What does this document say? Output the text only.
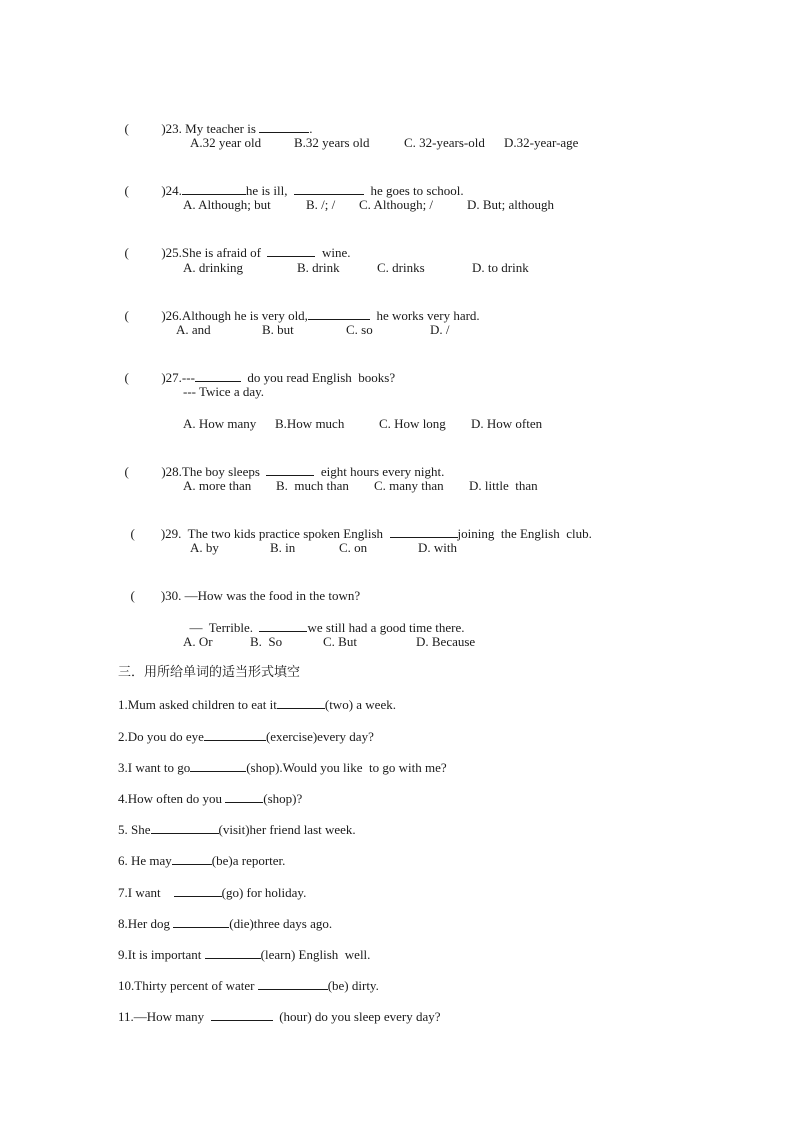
(          )23. My teacher is	.

A.32 year old	B.32 years old	C. 32-years-old D.32-year-age

(          )24.	he is ill,	he goes to school.

A. Although; but	B. /; / C. Although; /	D. But; although

(          )25.She is afraid of	wine.

A. drinking	B. drink	C. drinks	D. to drink

(          )26.Although he is very old,	he works very hard.

A. and	B. but	C. so	D. /

(          )27.---	do you read English  books?

--- Twice a day.
A. How many B.How much	C. How long D. How often

(          )28.The boy sleeps	eight hours every night.

A. more than B.  much than C. many than D. little  than

(        )29.  The two kids practice spoken English	joining  the English  club.

A. by	B. in	C. on	D. with

(        )30. —How was the food in the town?

—  Terrible.	we still had a good time there.

A. Or	B.  So	C. But	D. Because
三．用所给单词的适当形式填空
1.Mum asked children to eat it	(two) a week.
2.Do you do eye	(exercise)every day?
3.I want to go	(shop).Would you like  to go with me?
4.How often do you	(shop)?
5. She	(visit)her friend last week.
6. He may	(be)a reporter.
7.I want	(go) for holiday.
8.Her dog	(die)three days ago.
9.It is important	(learn) English  well.
10.Thirty percent of water	(be) dirty.
11.—How many	(hour) do you sleep every day?
